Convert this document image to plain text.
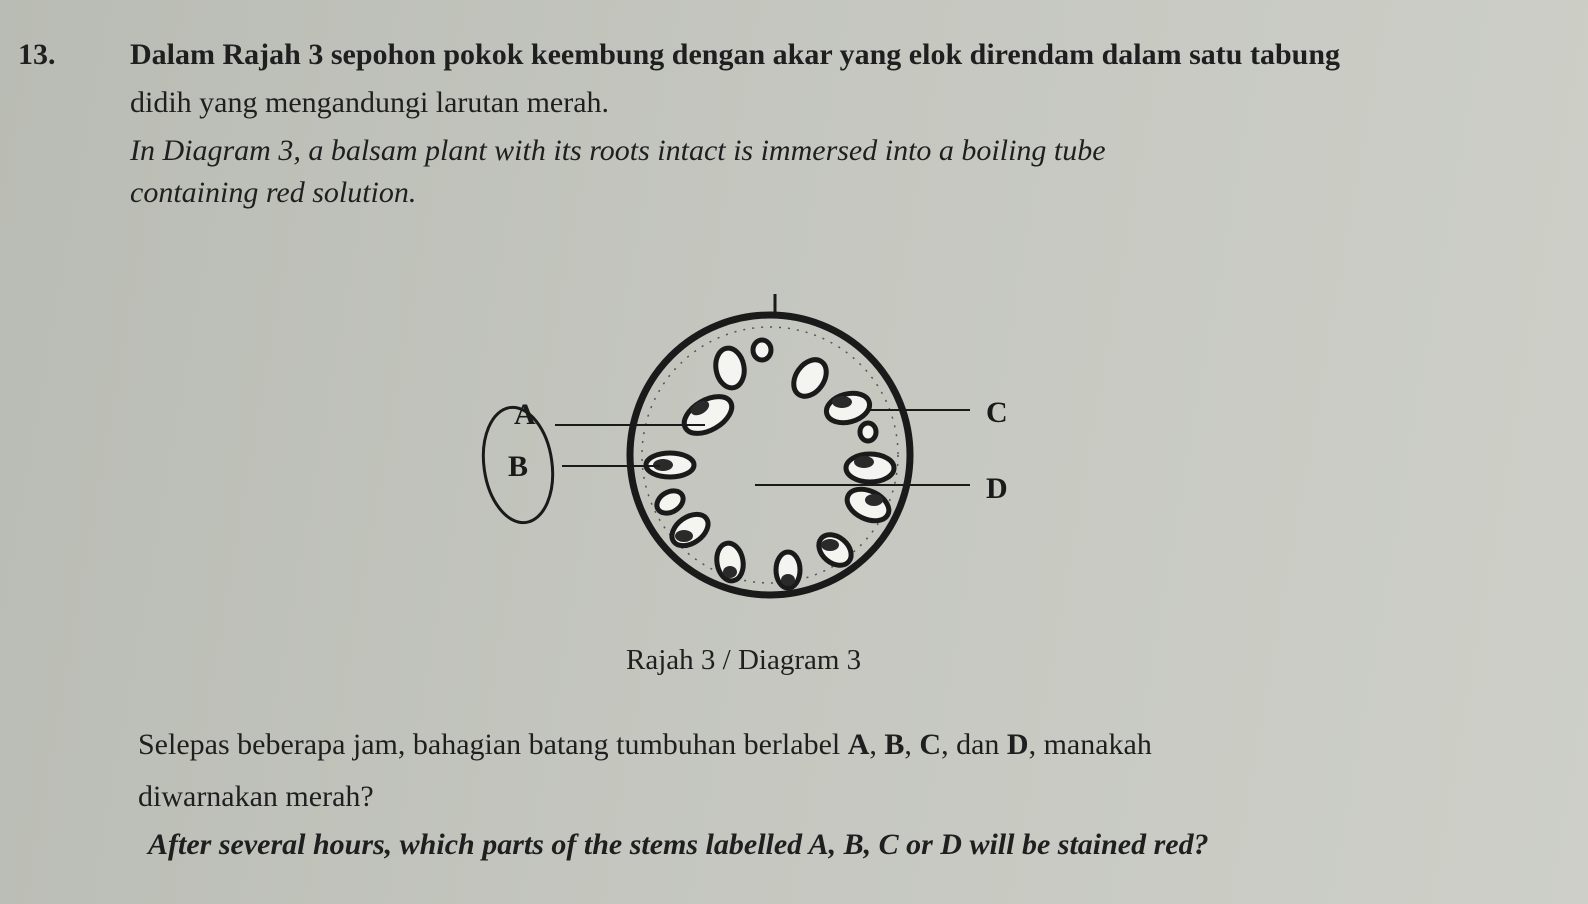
13. Dalam Rajah 3 sepohon pokok keembung dengan akar yang elok direndam dalam satu tabung
didih yang mengandungi larutan merah.
In Diagram 3, a balsam plant with its roots intact is immersed into a boiling tube
containing red solution.
A
B
C
D
Rajah 3 / Diagram 3
Selepas beberapa jam, bahagian batang tumbuhan berlabel A, B, C, dan D, manakah
diwarnakan merah?
After several hours, which parts of the stems labelled A, B, C or D will be stained red?
